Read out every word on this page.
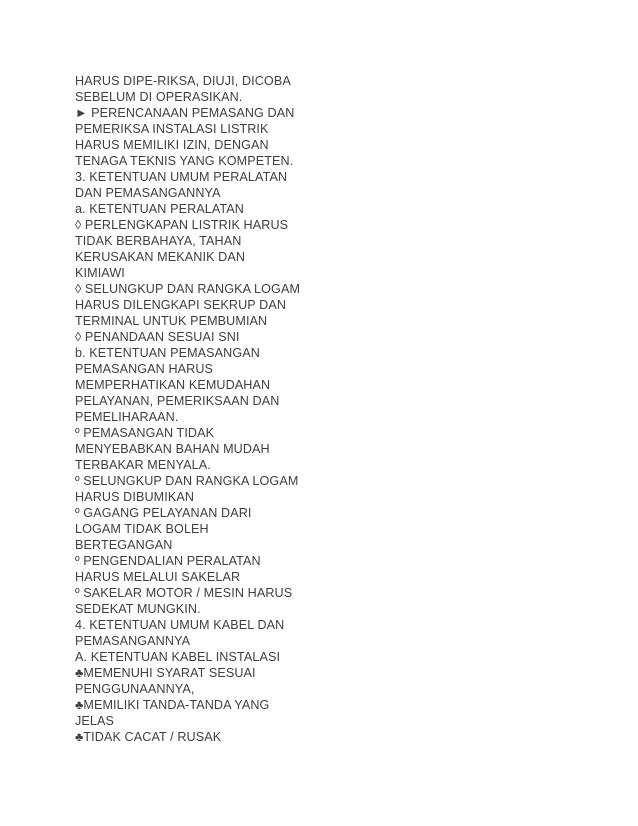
HARUS DIPE-RIKSA, DIUJI, DICOBA
SEBELUM DI OPERASIKAN.
► PERENCANAAN PEMASANG DAN
PEMERIKSA INSTALASI LISTRIK
HARUS MEMILIKI IZIN, DENGAN
TENAGA TEKNIS YANG KOMPETEN.
3. KETENTUAN UMUM PERALATAN
DAN PEMASANGANNYA
a. KETENTUAN PERALATAN
◊ PERLENGKAPAN LISTRIK HARUS
TIDAK BERBAHAYA, TAHAN
KERUSAKAN MEKANIK DAN
KIMIAWI
◊ SELUNGKUP DAN RANGKA LOGAM
HARUS DILENGKAPI SEKRUP DAN
TERMINAL UNTUK PEMBUMIAN
◊ PENANDAAN SESUAI SNI
b. KETENTUAN PEMASANGAN
PEMASANGAN HARUS
MEMPERHATIKAN KEMUDAHAN
PELAYANAN, PEMERIKSAAN DAN
PEMELIHARAAN.
º PEMASANGAN TIDAK
MENYEBABKAN BAHAN MUDAH
TERBAKAR MENYALA.
º SELUNGKUP DAN RANGKA LOGAM
HARUS DIBUMIKAN
º GAGANG PELAYANAN DARI
LOGAM TIDAK BOLEH
BERTEGANGAN
º PENGENDALIAN PERALATAN
HARUS MELALUI SAKELAR
º SAKELAR MOTOR / MESIN HARUS
SEDEKAT MUNGKIN.
4. KETENTUAN UMUM KABEL DAN
PEMASANGANNYA
A. KETENTUAN KABEL INSTALASI
♣MEMENUHI SYARAT SESUAI
PENGGUNAANNYA,
♣MEMILIKI TANDA-TANDA YANG
JELAS
♣TIDAK CACAT / RUSAK
